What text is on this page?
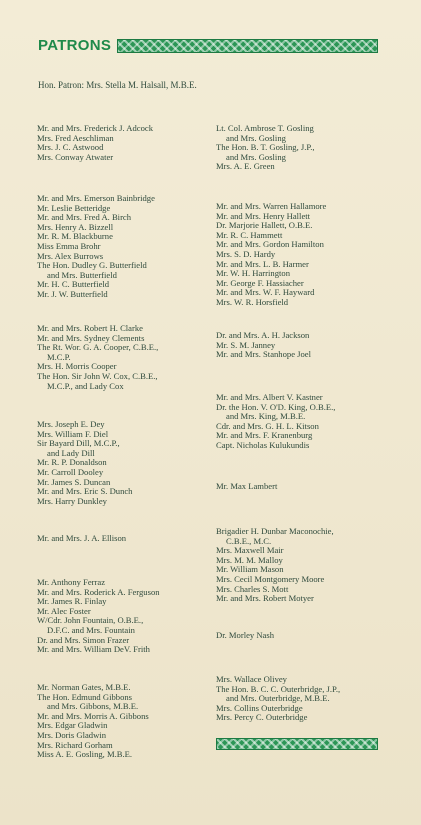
PATRONS
Hon. Patron: Mrs. Stella M. Halsall, M.B.E.
Mr. and Mrs. Frederick J. Adcock
Mrs. Fred Aeschliman
Mrs. J. C. Astwood
Mrs. Conway Atwater
Mr. and Mrs. Emerson Bainbridge
Mr. Leslie Betteridge
Mr. and Mrs. Fred A. Birch
Mrs. Henry A. Bizzell
Mr. R. M. Blackburne
Miss Emma Brohr
Mrs. Alex Burrows
The Hon. Dudley G. Butterfield
and Mrs. Butterfield
Mr. H. C. Butterfield
Mr. J. W. Butterfield
Mr. and Mrs. Robert H. Clarke
Mr. and Mrs. Sydney Clements
The Rt. Wor. G. A. Cooper, C.B.E.,
M.C.P.
Mrs. H. Morris Cooper
The Hon. Sir John W. Cox, C.B.E.,
M.C.P., and Lady Cox
Mrs. Joseph E. Dey
Mrs. William F. Diel
Sir Bayard Dill, M.C.P.,
and Lady Dill
Mr. R. P. Donaldson
Mr. Carroll Dooley
Mr. James S. Duncan
Mr. and Mrs. Eric S. Dunch
Mrs. Harry Dunkley
Mr. and Mrs. J. A. Ellison
Mr. Anthony Ferraz
Mr. and Mrs. Roderick A. Ferguson
Mr. James R. Finlay
Mr. Alec Foster
W/Cdr. John Fountain, O.B.E.,
D.F.C. and Mrs. Fountain
Dr. and Mrs. Simon Frazer
Mr. and Mrs. William DeV. Frith
Mr. Norman Gates, M.B.E.
The Hon. Edmund Gibbons
and Mrs. Gibbons, M.B.E.
Mr. and Mrs. Morris A. Gibbons
Mrs. Edgar Gladwin
Mrs. Doris Gladwin
Mrs. Richard Gorham
Miss A. E. Gosling, M.B.E.
Lt. Col. Ambrose T. Gosling
and Mrs. Gosling
The Hon. B. T. Gosling, J.P.,
and Mrs. Gosling
Mrs. A. E. Green
Mr. and Mrs. Warren Hallamore
Mr. and Mrs. Henry Hallett
Dr. Marjorie Hallett, O.B.E.
Mr. R. C. Hammett
Mr. and Mrs. Gordon Hamilton
Mrs. S. D. Hardy
Mr. and Mrs. L. B. Harmer
Mr. W. H. Harrington
Mr. George F. Hassiacher
Mr. and Mrs. W. F. Hayward
Mrs. W. R. Horsfield
Dr. and Mrs. A. H. Jackson
Mr. S. M. Janney
Mr. and Mrs. Stanhope Joel
Mr. and Mrs. Albert V. Kastner
Dr. the Hon. V. O'D. King, O.B.E.,
and Mrs. King, M.B.E.
Cdr. and Mrs. G. H. L. Kitson
Mr. and Mrs. F. Kranenburg
Capt. Nicholas Kulukundis
Mr. Max Lambert
Brigadier H. Dunbar Maconochie,
C.B.E., M.C.
Mrs. Maxwell Mair
Mrs. M. M. Malloy
Mr. William Mason
Mrs. Cecil Montgomery Moore
Mrs. Charles S. Mott
Mr. and Mrs. Robert Motyer
Dr. Morley Nash
Mrs. Wallace Olivey
The Hon. B. C. C. Outerbridge, J.P.,
and Mrs. Outerbridge, M.B.E.
Mrs. Collins Outerbridge
Mrs. Percy C. Outerbridge
